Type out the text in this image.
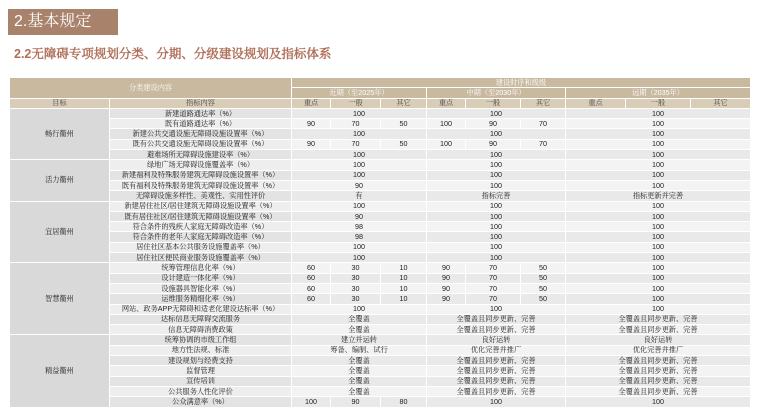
2.基本规定
2.2无障碍专项规划分类、分期、分级建设规划及指标体系
分类建设内容		建设时序和级级								
		近期（至2025年）			中期（至2030年）			远期（2035年）		
目标	指标内容	重点	一般	其它	重点	一般	其它	重点	一般	其它
畅行衢州	新建道路通达率（%）	100			100			100		
	既有道路通达率（%）	90	70	50	100	90	70	100		
	新建公共交通设施无障碍设施设置率（%）	100			100			100		
	既有公共交通设施无障碍设施设置率（%）	90	70	50	100	90	70	100		
	避难场所无障碍设施建设率（%）	100			100			100		
活力衢州	绿地广场无障碍设施覆盖率（%）	100			100			100		
	新建福利及特殊服务建筑无障碍设施设置率（%）	100			100			100		
	既有福利及特殊服务建筑无障碍设施设置率（%）	90			100			100		
	无障碍设施多样性、美观性、实用性评价	有			指标完善			指标更新并完善		
宜居衢州	新建居住社区/居住建筑无障碍设施设置率（%）	100			100			100		
	既有居住社区/居住建筑无障碍设施设置率（%）	90			100			100		
	符合条件的残疾人家庭无障碍改造率（%）	98			100			100		
	符合条件的老年人家庭无障碍改造率（%）	98			100			100		
	居住社区基本公共服务设施覆盖率（%）	100			100			100		
	居住社区便民商业服务设施覆盖率（%）	100			100			100		
智慧衢州	统筹管理信息化率（%）	60	30	10	90	70	50	100		
	设计建造一体化率（%）	60	30	10	90	70	50	100		
	设施器具智能化率（%）	60	30	10	90	70	50	100		
	运维服务精细化率（%）	60	30	10	90	70	50	100		
	网站、政务APP无障碍和适老化建设达标率（%）	100			100			100		
	达标信息无障碍交流服务	全覆盖			全覆盖且同步更新、完善			全覆盖且同步更新、完善		
	信息无障碍消费政策	全覆盖			全覆盖且同步更新、完善			全覆盖且同步更新、完善		
精益衢州	统筹协调的市级工作组	建立并运转			良好运转			良好运转		
	地方性法规、标准	筹备、编制、试行			优化完善并推广			优化完善并推广		
	建设规划与经费支持	全覆盖			全覆盖且同步更新、完善			全覆盖且同步更新、完善		
	监督管理	全覆盖			全覆盖且同步更新、完善			全覆盖且同步更新、完善		
	宣传培训	全覆盖			全覆盖且同步更新、完善			全覆盖且同步更新、完善		
	公共服务人性化评价	全覆盖			全覆盖且同步更新、完善			全覆盖且同步更新、完善		
	公众满意率（%）	100	90	80	100			100		
